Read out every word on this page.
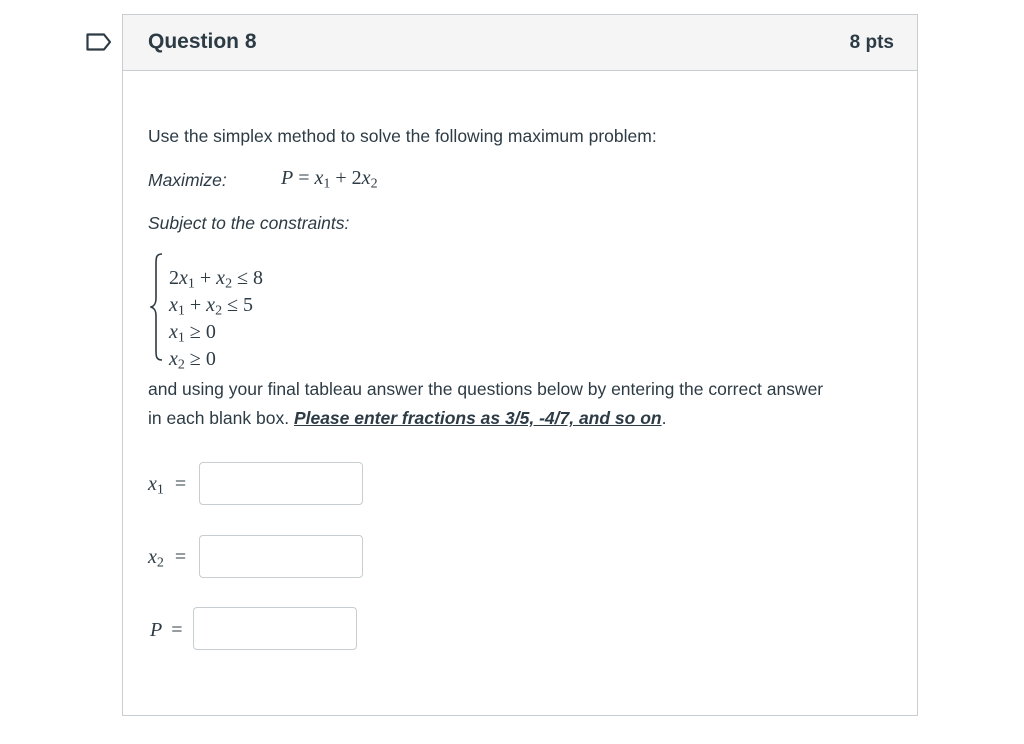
Question 8	8 pts
Use the simplex method to solve the following maximum problem:
Maximize:	$P = x_1 + 2x_2$
Subject to the constraints:
$2x_1 + x_2 \le 8$
$x_1 + x_2 \le 5$
$x_1 \ge 0$
$x_2 \ge 0$
and using your final tableau answer the questions below by entering the correct answer
in each blank box. Please enter fractions as 3/5, -4/7, and so on.
$x_1$ =
$x_2$ =
P =
